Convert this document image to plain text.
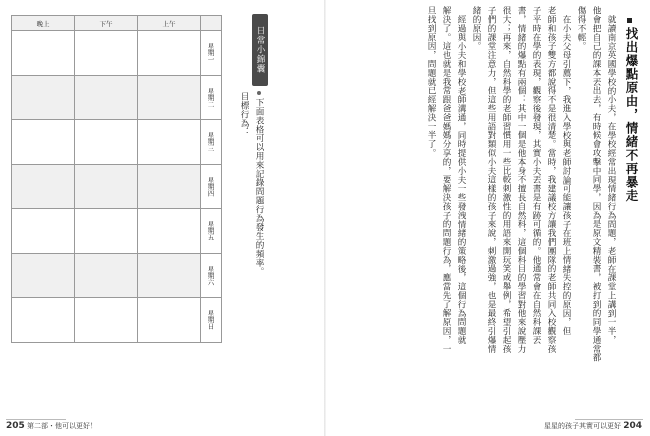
晚上	下午	上午	
			星期一
			星期二
			星期三
			星期四
			星期五
			星期六
			星期日
日常小錦囊
下面表格可以用來記錄問題行為發生的頻率。
目標行為：
205 第二部・他可以更好！
找出爆點原由，情緒不再暴走
就讀南京英國學校的小夫，在學校經常出現情緒行為問題，老師在課堂上講到一半，
他會把自己的課本丟出去，有時候會攻擊中同學，因為是原文精裝書，被打到的同學通常都
傷得不輕。
在小夫父母引薦下，我進入學校與老師討論可能讓孩子在班上情緒失控的原因，但
老師和孩子雙方都說得不是很清楚。當時，我建議校方讓我們團隊的老師共同入校觀察孩
子平時在學的表現，觀察後發現，其實小夫丟書是有跡可循的。他通常會在自然科課丟
書，情緒的爆點有兩個：其中一個是他本身不擅長自然科，這個科目的學習對他來說壓力
很大；再來，自然科學的老師習慣用一些比較刺激性的用語來開玩笑或舉例，希望引起孩
子們的課堂注意力，但這些用語對類似小夫這樣的孩子來說，刺激過強，也是最終引爆情
緒的原因。
經過與小夫和學校老師溝通，同時提供小夫一些發洩情緒的策略後，這個行為問題就
解決了。這也就是我常跟爸爸媽媽分享的，要解決孩子的問題行為，應當先了解原因，一
旦找到原因，問題就已經解決一半了。
星星的孩子其實可以更好 204
